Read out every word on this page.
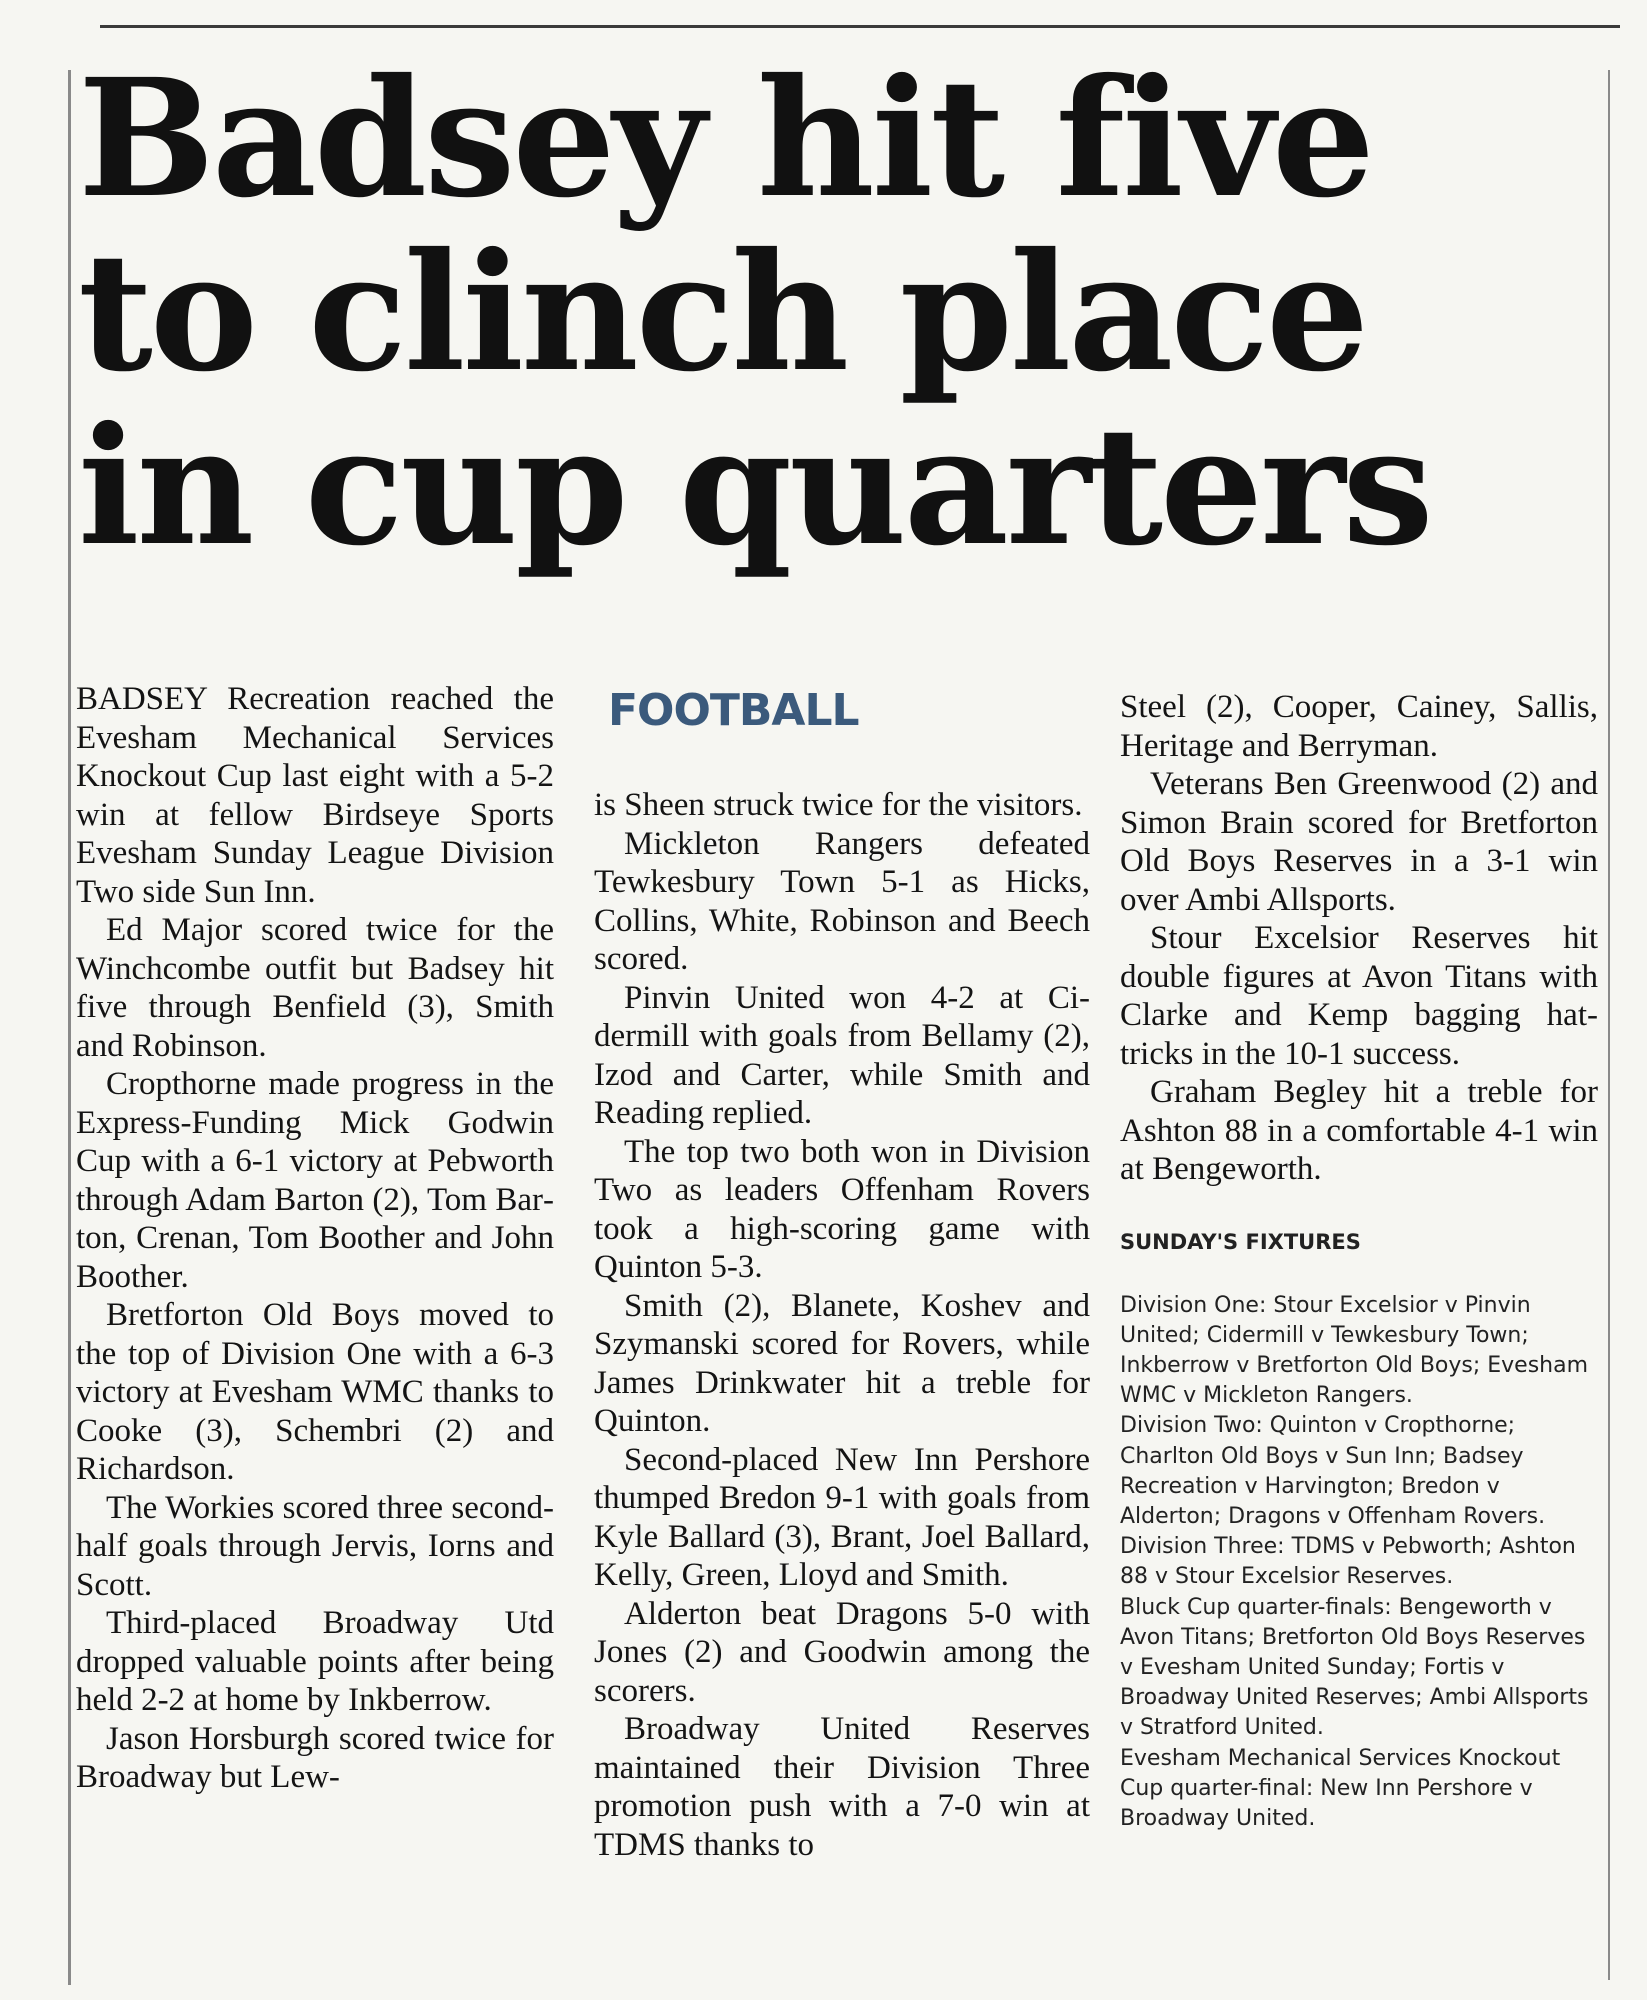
Badsey hit five
to clinch place
in cup quarters

BADSEY Recreation reached the Evesham Mechanical Services Knockout Cup last eight with a 5-2 win at fellow Birdseye Sports Evesham Sunday League Division Two side Sun Inn.

Ed Major scored twice for the Winchcombe outfit but Badsey hit five through Benfield (3), Smith and Robinson.

Cropthorne made progress in the Express-Funding Mick Godwin Cup with a 6-1 victory at Pebworth through Adam Barton (2), Tom Barton, Crenan, Tom Boother and John Boother.

Bretforton Old Boys moved to the top of Division One with a 6-3 victory at Evesham WMC thanks to Cooke (3), Schembri (2) and Richardson.

The Workies scored three second-half goals through Jervis, Iorns and Scott.

Third-placed Broadway Utd dropped valuable points after being held 2-2 at home by Inkberrow.

Jason Horsburgh scored twice for Broadway but Lew-

FOOTBALL

is Sheen struck twice for the visitors.

Mickleton Rangers defeated Tewkesbury Town 5-1 as Hicks, Collins, White, Robinson and Beech scored.

Pinvin United won 4-2 at Cidermill with goals from Bellamy (2), Izod and Carter, while Smith and Reading replied.

The top two both won in Division Two as leaders Offenham Rovers took a high-scoring game with Quinton 5-3.

Smith (2), Blanete, Koshev and Szymanski scored for Rovers, while James Drinkwater hit a treble for Quinton.

Second-placed New Inn Pershore thumped Bredon 9-1 with goals from Kyle Ballard (3), Brant, Joel Ballard, Kelly, Green, Lloyd and Smith.

Alderton beat Dragons 5-0 with Jones (2) and Goodwin among the scorers.

Broadway United Reserves maintained their Division Three promotion push with a 7-0 win at TDMS thanks to

Steel (2), Cooper, Cainey, Sallis, Heritage and Berryman.

Veterans Ben Greenwood (2) and Simon Brain scored for Bretforton Old Boys Reserves in a 3-1 win over Ambi Allsports.

Stour Excelsior Reserves hit double figures at Avon Titans with Clarke and Kemp bagging hat-tricks in the 10-1 success.

Graham Begley hit a treble for Ashton 88 in a comfortable 4-1 win at Bengeworth.

SUNDAY'S FIXTURES
Division One: Stour Excelsior v Pinvin United; Cidermill v Tewkesbury Town; Inkberrow v Bretforton Old Boys; Evesham WMC v Mickleton Rangers.
Division Two: Quinton v Cropthorne; Charlton Old Boys v Sun Inn; Badsey Recreation v Harvington; Bredon v Alderton; Dragons v Offenham Rovers.
Division Three: TDMS v Pebworth; Ashton 88 v Stour Excelsior Reserves.
Bluck Cup quarter-finals: Bengeworth v Avon Titans; Bretforton Old Boys Reserves v Evesham United Sunday; Fortis v Broadway United Reserves; Ambi Allsports v Stratford United.
Evesham Mechanical Services Knockout Cup quarter-final: New Inn Pershore v Broadway United.
